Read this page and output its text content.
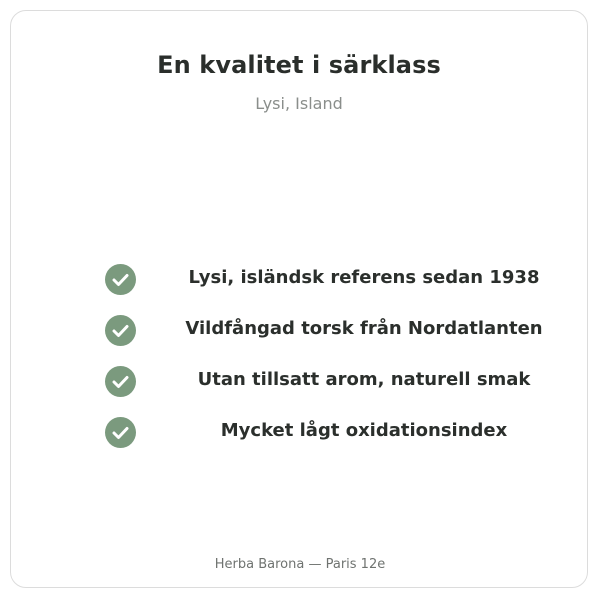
En kvalitet i särklass
Lysi, Island
Lysi, isländsk referens sedan 1938
Vildfångad torsk från Nordatlanten
Utan tillsatt arom, naturell smak
Mycket lågt oxidationsindex
Herba Barona — Paris 12e
